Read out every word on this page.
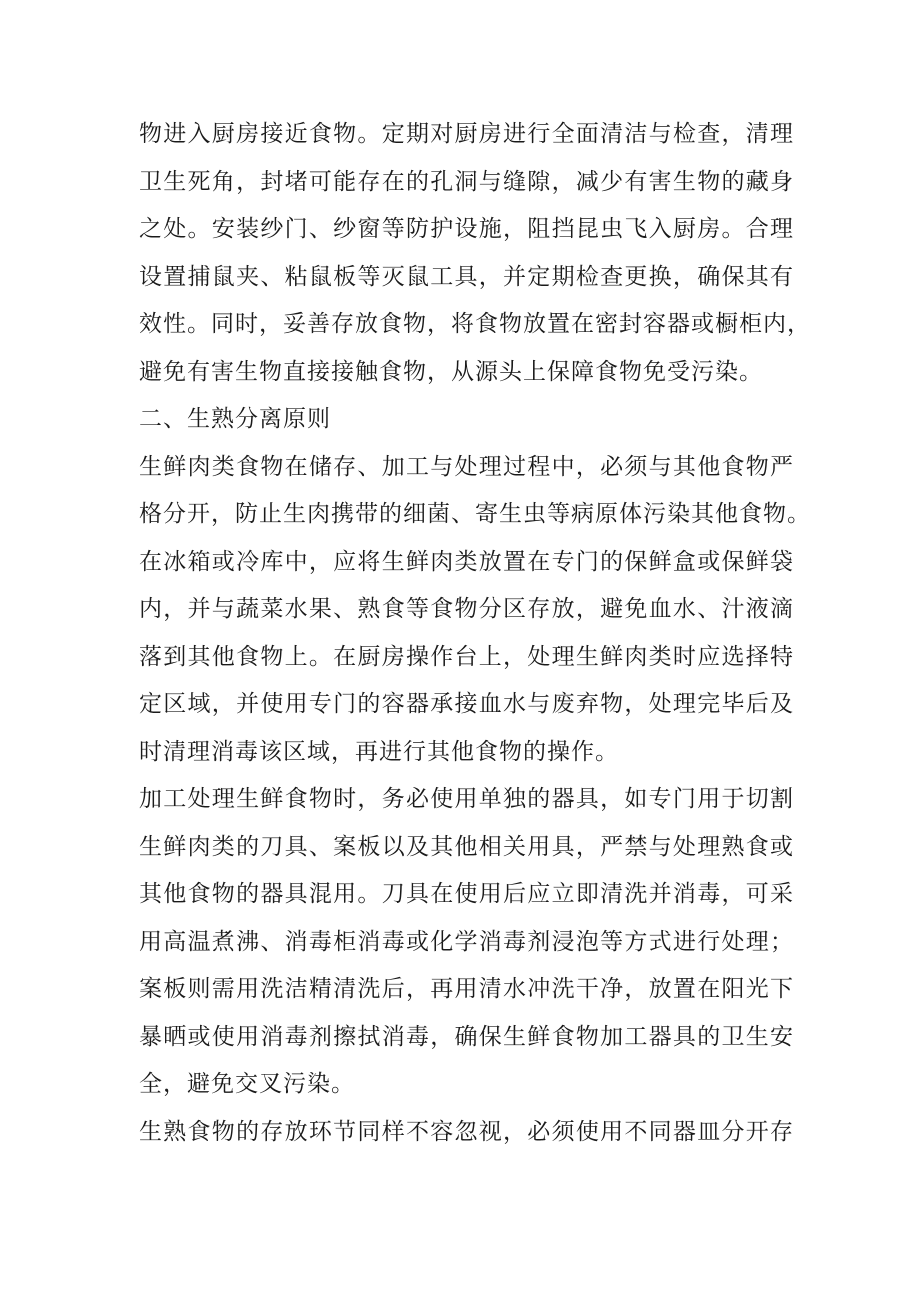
物进入厨房接近食物。定期对厨房进行全面清洁与检查，清理
卫生死角，封堵可能存在的孔洞与缝隙，减少有害生物的藏身
之处。安装纱门、纱窗等防护设施，阻挡昆虫飞入厨房。合理
设置捕鼠夹、粘鼠板等灭鼠工具，并定期检查更换，确保其有
效性。同时，妥善存放食物，将食物放置在密封容器或橱柜内，
避免有害生物直接接触食物，从源头上保障食物免受污染。
二、生熟分离原则
生鲜肉类食物在储存、加工与处理过程中，必须与其他食物严
格分开，防止生肉携带的细菌、寄生虫等病原体污染其他食物。
在冰箱或冷库中，应将生鲜肉类放置在专门的保鲜盒或保鲜袋
内，并与蔬菜水果、熟食等食物分区存放，避免血水、汁液滴
落到其他食物上。在厨房操作台上，处理生鲜肉类时应选择特
定区域，并使用专门的容器承接血水与废弃物，处理完毕后及
时清理消毒该区域，再进行其他食物的操作。
加工处理生鲜食物时，务必使用单独的器具，如专门用于切割
生鲜肉类的刀具、案板以及其他相关用具，严禁与处理熟食或
其他食物的器具混用。刀具在使用后应立即清洗并消毒，可采
用高温煮沸、消毒柜消毒或化学消毒剂浸泡等方式进行处理；
案板则需用洗洁精清洗后，再用清水冲洗干净，放置在阳光下
暴晒或使用消毒剂擦拭消毒，确保生鲜食物加工器具的卫生安
全，避免交叉污染。
生熟食物的存放环节同样不容忽视，必须使用不同器皿分开存
